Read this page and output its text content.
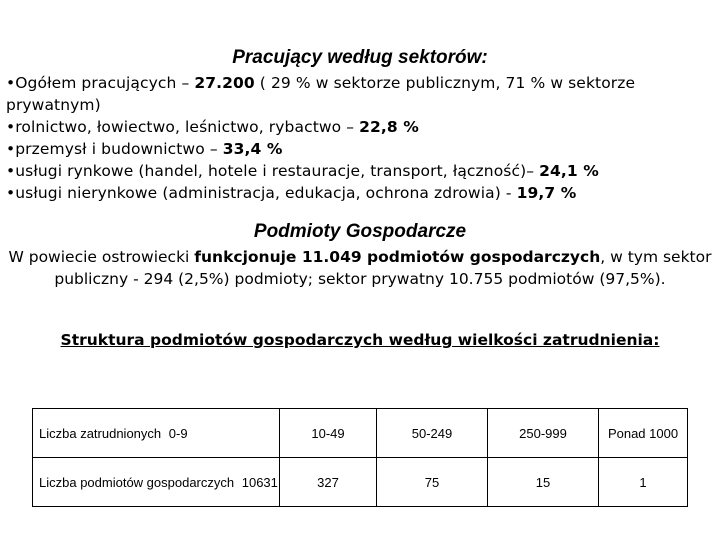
Pracujący według sektorów:

•Ogółem pracujących – 27.200 ( 29 % w sektorze publicznym, 71 % w sektorze prywatnym)

•rolnictwo, łowiectwo, leśnictwo, rybactwo – 22,8 %

•przemysł i budownictwo – 33,4 %

•usługi rynkowe (handel, hotele i restauracje, transport, łączność)– 24,1 %

•usługi nierynkowe (administracja, edukacja, ochrona zdrowia) - 19,7 %

Podmioty Gospodarcze

W powiecie ostrowiecki funkcjonuje 11.049 podmiotów gospodarczych, w tym sektor publiczny - 294 (2,5%) podmioty; sektor prywatny 10.755 podmiotów (97,5%).

Struktura podmiotów gospodarczych według wielkości zatrudnienia:
Liczba zatrudnionych 0-9	10-49	50-249	250-999	Ponad 1000
Liczba podmiotów gospodarczych 10631	327	75	15	1
